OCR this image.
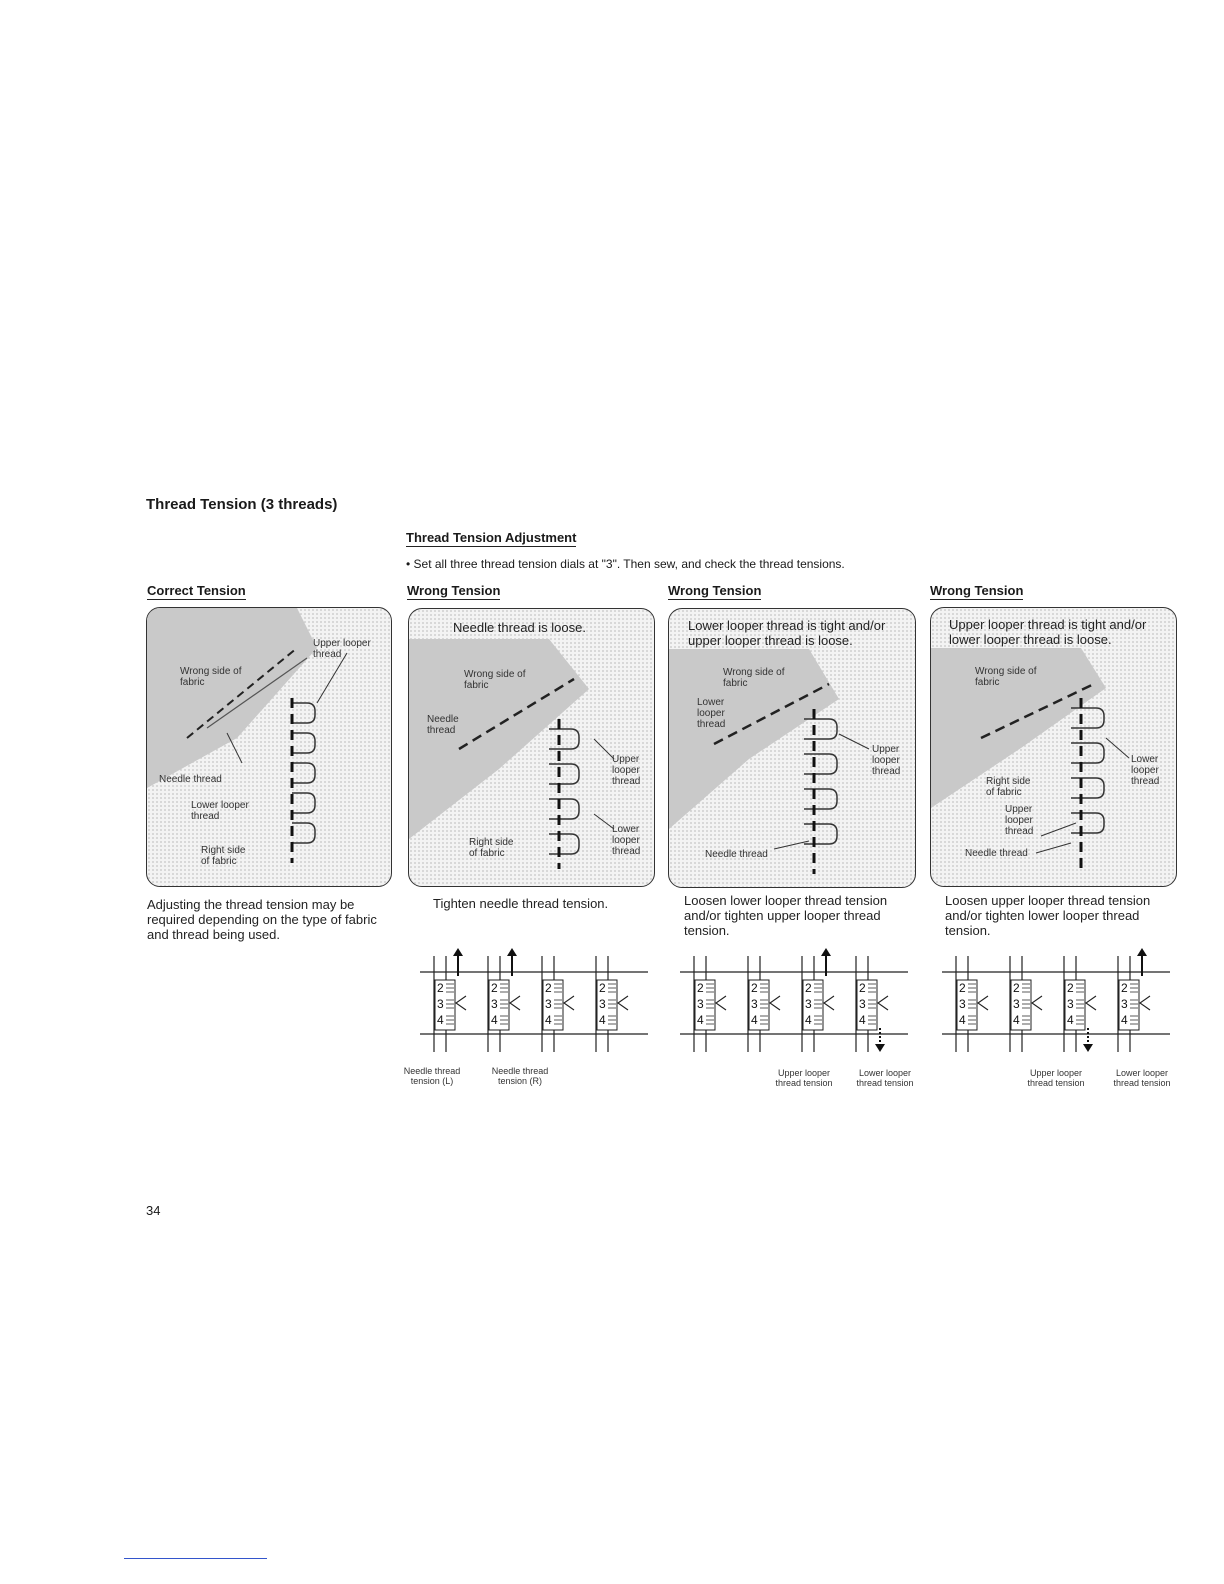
Thread Tension (3 threads)
Thread Tension Adjustment
• Set all three thread tension dials at "3". Then sew, and check the thread tensions.
Correct Tension	Wrong Tension	Wrong Tension	Wrong Tension
Upper looper thread
Wrong side of fabric
Needle thread
Lower looper thread
Right side of fabric
Adjusting the thread tension may be required depending on the type of fabric and thread being used.
Needle thread is loose.
Wrong side of fabric
Needle thread
Upper looper thread
Lower looper thread
Right side of fabric
Tighten needle thread tension.
Lower looper thread is tight and/or upper looper thread is loose.
Wrong side of fabric
Lower looper thread
Upper looper thread
Needle thread
Loosen lower looper thread tension and/or tighten upper looper thread tension.
Upper looper thread is tight and/or lower looper thread is loose.
Wrong side of fabric
Lower looper thread
Right side of fabric
Upper looper thread
Needle thread
Loosen upper looper thread tension and/or tighten lower looper thread tension.
2
3
4
2
3
4
2
3
4
2
3
4
2
3
4
2
3
4
2
3
4
2
3
4
2
3
4
2
3
4
2
3
4
2
3
4
Needle thread tension (L)
Needle thread tension (R)
Upper looper thread tension
Lower looper thread tension
Upper looper thread tension
Lower looper thread tension
34
